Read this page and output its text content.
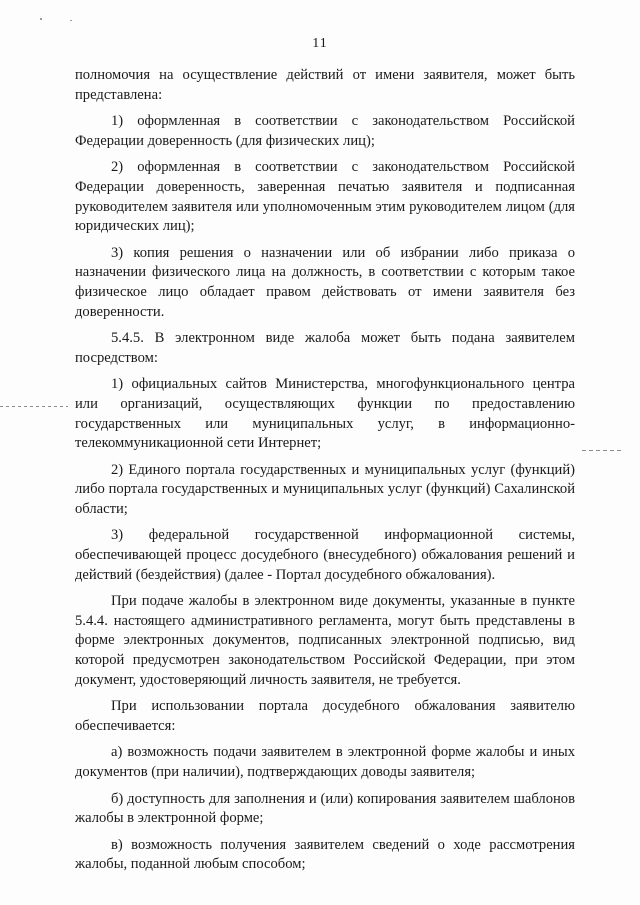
11

полномочия на осуществление действий от имени заявителя, может быть представлена:

1) оформленная в соответствии с законодательством Российской Федерации доверенность (для физических лиц);

2) оформленная в соответствии с законодательством Российской Федерации доверенность, заверенная печатью заявителя и подписанная руководителем заявителя или уполномоченным этим руководителем лицом (для юридических лиц);

3) копия решения о назначении или об избрании либо приказа о назначении физического лица на должность, в соответствии с которым такое физическое лицо обладает правом действовать от имени заявителя без доверенности.

5.4.5. В электронном виде жалоба может быть подана заявителем посредством:

1) официальных сайтов Министерства, многофункционального центра или организаций, осуществляющих функции по предоставлению государственных или муниципальных услуг, в информационно-телекоммуникационной сети Интернет;

2) Единого портала государственных и муниципальных услуг (функций) либо портала государственных и муниципальных услуг (функций) Сахалинской области;

3) федеральной государственной информационной системы, обеспечивающей процесс досудебного (внесудебного) обжалования решений и действий (бездействия) (далее - Портал досудебного обжалования).

При подаче жалобы в электронном виде документы, указанные в пункте 5.4.4. настоящего административного регламента, могут быть представлены в форме электронных документов, подписанных электронной подписью, вид которой предусмотрен законодательством Российской Федерации, при этом документ, удостоверяющий личность заявителя, не требуется.

При использовании портала досудебного обжалования заявителю обеспечивается:

а) возможность подачи заявителем в электронной форме жалобы и иных документов (при наличии), подтверждающих доводы заявителя;

б) доступность для заполнения и (или) копирования заявителем шаблонов жалобы в электронной форме;

в) возможность получения заявителем сведений о ходе рассмотрения жалобы, поданной любым способом;
